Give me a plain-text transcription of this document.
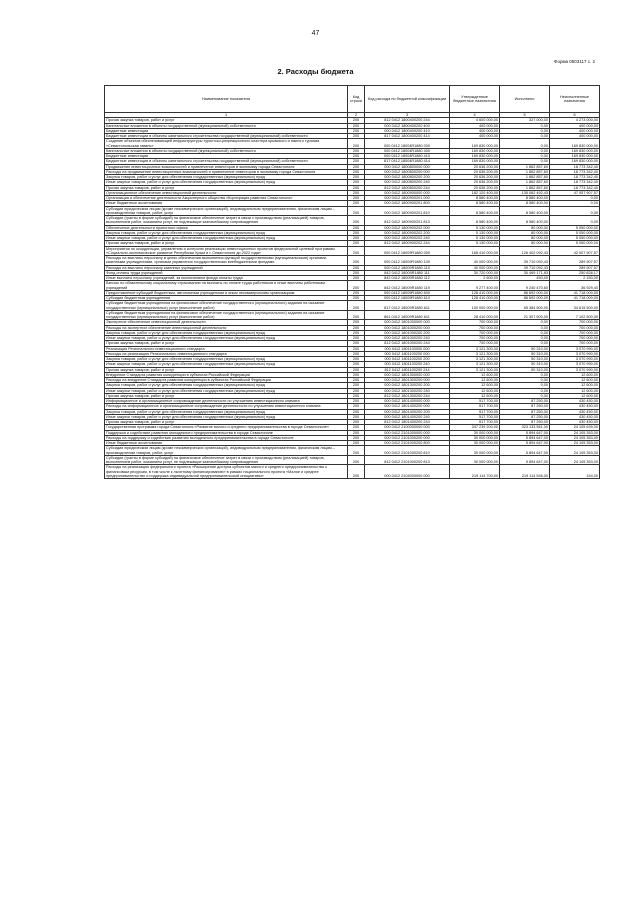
47
Форма 0503117 с. 2
2. Расходы бюджета
Наименование показателя	Код строки	Код расхода по бюджетной классификации	Утвержденные бюджетные назначения	Исполнено	Неисполненные назначения
1	2	3	4	5	6
Прочая закупка товаров, работ и услуг	200	812 0412 1800400200 244	4 600 000,00	327 000,00	4 273 000,00
Капитальные вложения в объекты государственной (муниципальной) собственности	200	000 0412 1800400200 400	400 000,00	0,00	400 000,00
Бюджетные инвестиции	200	000 0412 1800400200 410	400 000,00	0,00	400 000,00
Бюджетные инвестиции в объекты капитального строительства государственной (муниципальной) собственности	200	817 0412 1800400200 414	400 000,00	0,00	400 000,00
Создание объектов обеспечивающей инфраструктуры туристско-рекреационного кластера крымского и южного туризма «Севастопольская гавань»	200	000 0412 18004R1880 000	169 830 000,00	0,00	169 830 000,00
Капитальные вложения в объекты государственной (муниципальной) собственности	200	000 0412 18004R1880 400	169 830 000,00	0,00	169 830 000,00
Бюджетные инвестиции	200	000 0412 18004R1880 410	169 830 000,00	0,00	169 830 000,00
Бюджетные инвестиции в объекты капитального строительства государственной (муниципальной) собственности	200	817 0412 18004R1880 414	169 830 000,00	0,00	169 830 000,00
Продвижение инвестиционных возможностей и привлечение инвесторов в экономику города Севастополя	200	000 0412 1800800000 000	20 636 200,00	1 862 857,60	18 773 342,40
Расходы на продвижение инвестиционных возможностей и привлечение инвесторов в экономику города Севастополя	200	000 0412 1800800200 000	20 636 200,00	1 862 857,60	18 773 342,40
Закупка товаров, работ и услуг для обеспечения государственных (муниципальных) нужд	200	000 0412 1800800200 200	20 636 200,00	1 862 857,60	18 773 342,40
Иные закупки товаров, работ и услуг для обеспечения государственных (муниципальных) нужд	200	000 0412 1800800200 240	20 636 200,00	1 862 857,60	18 773 342,40
Прочая закупка товаров, работ и услуг	200	812 0412 1800800200 244	20 636 200,00	1 862 857,60	18 773 342,40
Организационное обеспечение инвестиционной деятельности	200	000 0412 1800900000 000	182 120 400,00	135 062 492,43	47 057 907,57
Организация и обеспечение деятельности Акционерного общества «Корпорация развития Севастополя»	200	000 0412 1800900201 000	8 580 400,00	8 580 400,00	0,00
Иные бюджетные ассигнования	200	000 0412 1800900201 800	8 580 400,00	8 580 400,00	0,00
Субсидии юридическим лицам (кроме некоммерческих организаций), индивидуальным предпринимателям, физическим лицам – производителям товаров, работ, услуг	200	000 0412 1800900201 810	8 580 400,00	8 580 400,00	0,00
Субсидии (гранты в форме субсидий) на финансовое обеспечение затрат в связи с производством (реализацией) товаров, выполнением работ, оказанием услуг, не подлежащие казначейскому сопровождению	200	812 0412 1800900201 813	8 580 400,00	8 580 400,00	0,00
Обеспечение деятельности проектного офиса	200	000 0412 1800900202 000	5 130 000,00	80 000,00	5 050 000,00
Закупка товаров, работ и услуг для обеспечения государственных (муниципальных) нужд	200	000 0412 1800900202 200	5 130 000,00	80 000,00	5 050 000,00
Иные закупки товаров, работ и услуг для обеспечения государственных (муниципальных) нужд	200	000 0412 1800900202 240	5 130 000,00	80 000,00	5 050 000,00
Прочая закупка товаров, работ и услуг	200	812 0412 1800900202 244	5 130 000,00	80 000,00	5 050 000,00
Мероприятия по координации, управлению и контролю реализации инвестиционных проектов федеральной целевой программы «Социально-экономическое развитие Республики Крым и г. Севастополя до 2022 года»	200	000 0412 18009R1880 000	168 410 000,00	126 402 092,43	42 007 907,57
Расходы на выплаты персоналу в целях обеспечения выполнения функций государственными (муниципальными) органами, казенными учреждениями, органами управления государственными внебюджетными фондами	200	000 0412 18009R1880 100	40 000 000,00	39 710 092,43	289 907,57
Расходы на выплаты персоналу казенных учреждений	200	000 0412 18009R1880 110	40 000 000,00	39 710 092,43	289 907,57
Фонд оплаты труда учреждений	200	842 0412 18009R1880 111	30 720 000,00	30 469 171,83	250 828,17
Иные выплаты персоналу учреждений, за исключением фонда оплаты труда	200	842 0412 18009R1880 112	2 600,00	450,00	2 150,00
Взносы по обязательному социальному страхованию на выплаты по оплате труда работников и иные выплаты работникам учреждений	200	842 0412 18009R1880 119	9 277 400,00	9 240 470,60	36 929,40
Предоставление субсидий бюджетным, автономным учреждениям и иным некоммерческим организациям	200	000 0412 18009R1880 600	128 410 000,00	86 692 000,00	41 718 000,00
Субсидии бюджетным учреждениям	200	000 0412 18009R1880 610	128 410 000,00	86 692 000,00	41 718 000,00
Субсидии бюджетным учреждениям на финансовое обеспечение государственного (муниципального) задания на оказание государственных (муниципальных) услуг (выполнение работ)	200	817 0412 18009R1880 611	100 000 000,00	65 384 500,00	34 615 500,00
Субсидии бюджетным учреждениям на финансовое обеспечение государственного (муниципального) задания на оказание государственных (муниципальных) услуг (выполнение работ)	200	861 0412 18009R1880 611	28 410 000,00	21 307 500,00	7 102 500,00
Экспертное обеспечение инвестиционной деятельности	200	000 0412 1801000000 000	700 000,00	0,00	700 000,00
Расходы на экспертное обеспечение инвестиционной деятельности	200	000 0412 1801000200 000	700 000,00	0,00	700 000,00
Закупка товаров, работ и услуг для обеспечения государственных (муниципальных) нужд	200	000 0412 1801000200 200	700 000,00	0,00	700 000,00
Иные закупки товаров, работ и услуг для обеспечения государственных (муниципальных) нужд	200	000 0412 1801000200 240	700 000,00	0,00	700 000,00
Прочая закупка товаров, работ и услуг	200	812 0412 1801000200 244	700 000,00	0,00	700 000,00
Реализация Регионального инвестиционного стандарта	200	000 0412 1801100000 000	3 121 300,00	50 310,00	3 070 990,00
Расходы на реализацию Регионального инвестиционного стандарта	200	000 0412 1801100200 000	3 121 300,00	50 310,00	3 070 990,00
Закупка товаров, работ и услуг для обеспечения государственных (муниципальных) нужд	200	000 0412 1801100200 200	3 121 300,00	50 310,00	3 070 990,00
Иные закупки товаров, работ и услуг для обеспечения государственных (муниципальных) нужд	200	000 0412 1801100200 240	3 121 300,00	50 310,00	3 070 990,00
Прочая закупка товаров, работ и услуг	200	812 0412 1801100200 244	3 121 300,00	50 310,00	3 070 990,00
Внедрение Стандарта развития конкуренции в субъектах Российской Федерации	200	000 0412 1801300000 000	12 600,00	0,00	12 600,00
Расходы на внедрение Стандарта развития конкуренции в субъектах Российской Федерации	200	000 0412 1801300200 000	12 600,00	0,00	12 600,00
Закупка товаров, работ и услуг для обеспечения государственных (муниципальных) нужд	200	000 0412 1801300200 200	12 600,00	0,00	12 600,00
Иные закупки товаров, работ и услуг для обеспечения государственных (муниципальных) нужд	200	000 0412 1801300200 240	12 600,00	0,00	12 600,00
Прочая закупка товаров, работ и услуг	200	812 0412 1801300200 244	12 600,00	0,00	12 600,00
Информационное и организационное сопровождение деятельности по улучшению инвестиционного климата	200	000 0412 1801400000 000	517 700,00	87 250,00	430 450,00
Расходы на информационное и организационное сопровождение деятельности по улучшению инвестиционного климата	200	000 0412 1801400200 000	517 700,00	87 250,00	430 450,00
Закупка товаров, работ и услуг для обеспечения государственных (муниципальных) нужд	200	000 0412 1801400200 200	517 700,00	87 250,00	430 450,00
Иные закупки товаров, работ и услуг для обеспечения государственных (муниципальных) нужд	200	000 0412 1801400200 240	517 700,00	87 250,00	430 450,00
Прочая закупка товаров, работ и услуг	200	812 0412 1801400200 244	517 700,00	87 250,00	430 450,00
Государственная программа города Севастополя «Развитие малого и среднего предпринимательства в городе Севастополе»	200	000 0412 2100000000 000	347 239 200,00	323 133 561,00	24 105 639,00
Поддержка и содействие развитию молодежного предпринимательства в городе Севастополе	200	000 0412 2101000000 000	30 000 000,00	5 894 647,00	24 105 353,00
Расходы на поддержку и содействие развитию молодежного предпринимательства в городе Севастополе	200	000 0412 2101000200 000	30 000 000,00	5 894 647,00	24 105 353,00
Иные бюджетные ассигнования	200	000 0412 2101000200 800	30 000 000,00	5 894 647,00	24 105 353,00
Субсидии юридическим лицам (кроме некоммерческих организаций), индивидуальным предпринимателям, физическим лицам – производителям товаров, работ, услуг	200	000 0412 2101000200 810	30 000 000,00	5 894 647,00	24 105 353,00
Субсидии (гранты в форме субсидий) на финансовое обеспечение затрат в связи с производством (реализацией) товаров, выполнением работ, оказанием услуг, не подлежащие казначейскому сопровождению	200	812 0412 2101000200 813	30 000 000,00	5 894 647,00	24 105 353,00
Расходы на реализацию федерального проекта «Расширение доступа субъектов малого и среднего предпринимательства к финансовым ресурсам, в том числе к льготному финансированию» в рамках национального проекта «Малое и среднее предпринимательство и поддержка индивидуальной предпринимательской инициативы»	200	000 0412 2104000000 000	219 114 700,00	219 114 546,00	154,00
